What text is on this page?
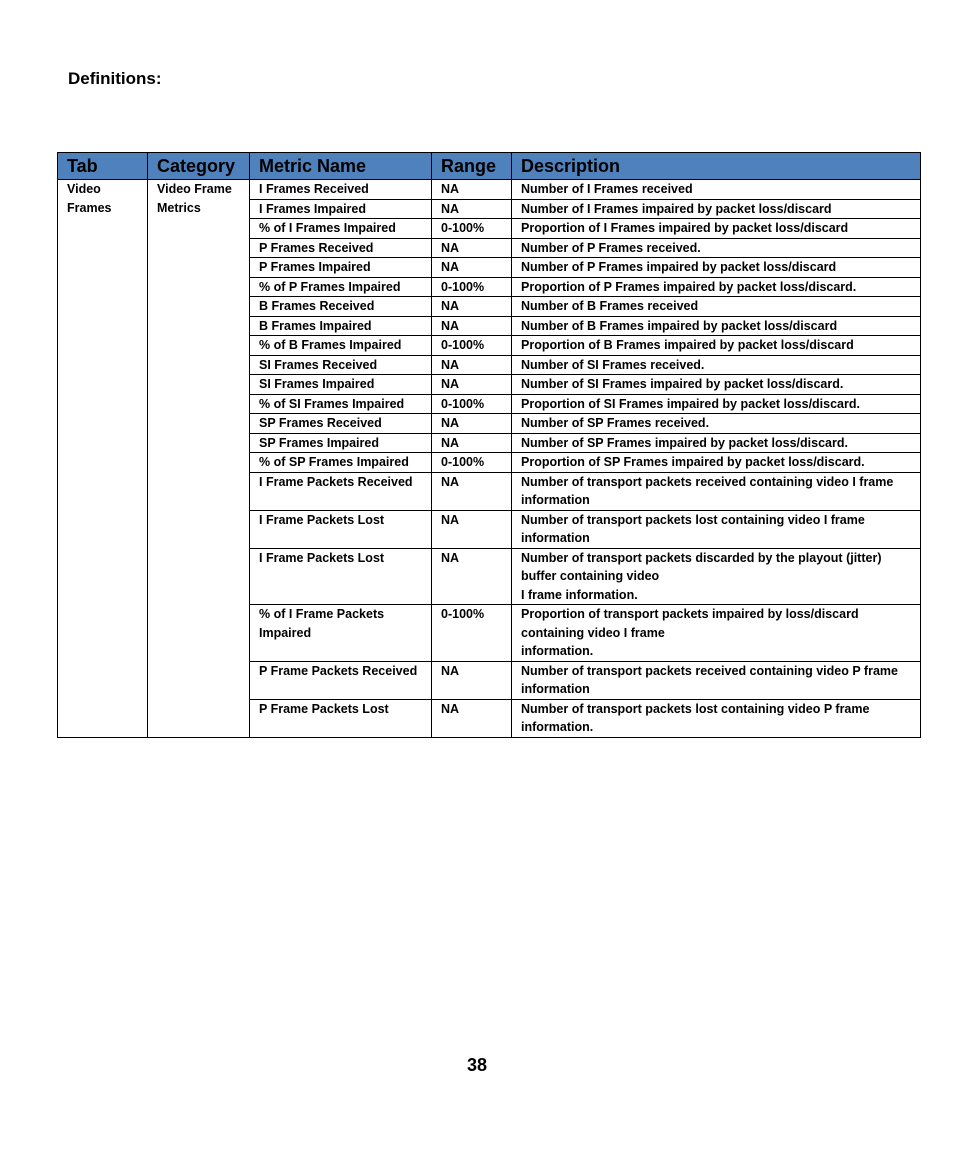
Definitions:
Tab	Category	Metric Name	Range	Description
Video Frames	Video Frame Metrics	I Frames Received	NA	Number of I Frames received
		I Frames Impaired	NA	Number of I Frames impaired by packet loss/discard
		% of I Frames Impaired	0-100%	Proportion of I Frames impaired by packet loss/discard
		P Frames Received	NA	Number of P Frames received.
		P Frames Impaired	NA	Number of P Frames impaired by packet loss/discard
		% of P Frames Impaired	0-100%	Proportion of P Frames impaired by packet loss/discard.
		B Frames Received	NA	Number of B Frames received
		B Frames Impaired	NA	Number of B Frames impaired by packet loss/discard
		% of B Frames Impaired	0-100%	Proportion of B Frames impaired by packet loss/discard
		SI Frames Received	NA	Number of SI Frames received.
		SI Frames Impaired	NA	Number of SI Frames impaired by packet loss/discard.
		% of SI Frames Impaired	0-100%	Proportion of SI Frames impaired by packet loss/discard.
		SP Frames Received	NA	Number of SP Frames received.
		SP Frames Impaired	NA	Number of SP Frames impaired by packet loss/discard.
		% of SP Frames Impaired	0-100%	Proportion of SP Frames impaired by packet loss/discard.
		I Frame Packets Received	NA	Number of transport packets received containing video I frame information
		I Frame Packets Lost	NA	Number of transport packets lost containing video I frame information
		I Frame Packets Lost	NA	Number of transport packets discarded by the playout (jitter) buffer containing video
I frame information.
		% of I Frame Packets Impaired	0-100%	Proportion of transport packets impaired by loss/discard containing video I frame
information.
		P Frame Packets Received	NA	Number of transport packets received containing video P frame information
		P Frame Packets Lost	NA	Number of transport packets lost containing video P frame information.
38
